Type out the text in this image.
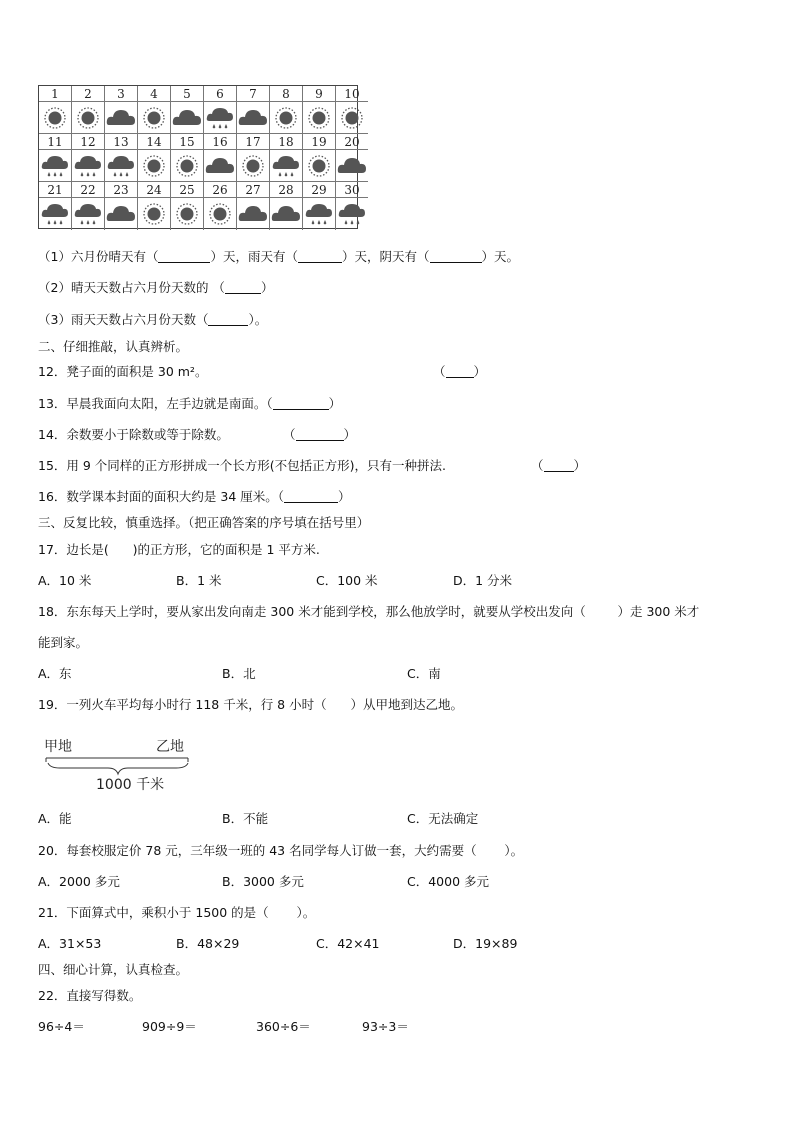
1	2	3	4	5	6	7	8	9	10
11	12	13	14	15	16	17	18	19	20
21	22	23	24	25	26	27	28	29	30
（1）六月份晴天有（	）天，雨天有（	）天，阴天有（	）天。
（2）晴天天数占六月份天数的 （	）
（3）雨天天数占六月份天数（	）。
二、仔细推敲，认真辨析。
12．凳子面的面积是 30 m²。	（ ）
13．早晨我面向太阳，左手边就是南面。（	）
14．余数要小于除数或等于除数。	（	）
15．用 9 个同样的正方形拼成一个长方形(不包括正方形)，只有一种拼法.	（ ）
16．数学课本封面的面积大约是 34 厘米。（	）
三、反复比较，慎重选择。（把正确答案的序号填在括号里）
17．边长是(      )的正方形，它的面积是 1 平方米.
A．10 米	B．1 米	C．100 米	D．1 分米
18．东东每天上学时，要从家出发向南走 300 米才能到学校，那么他放学时，就要从学校出发向（        ）走 300 米才
能到家。
A．东	B．北	C．南
19．一列火车平均每小时行 118 千米，行 8 小时（      ）从甲地到达乙地。
甲地	乙地
1000 千米
A．能	B．不能	C．无法确定
20．每套校服定价 78 元，三年级一班的 43 名同学每人订做一套，大约需要（       ）。
A．2000 多元	B．3000 多元	C．4000 多元
21．下面算式中，乘积小于 1500 的是（       ）。
A．31×53	B．48×29	C．42×41	D．19×89
四、细心计算，认真检查。
22．直接写得数。
96÷4＝	909÷9＝	360÷6＝	93÷3＝
